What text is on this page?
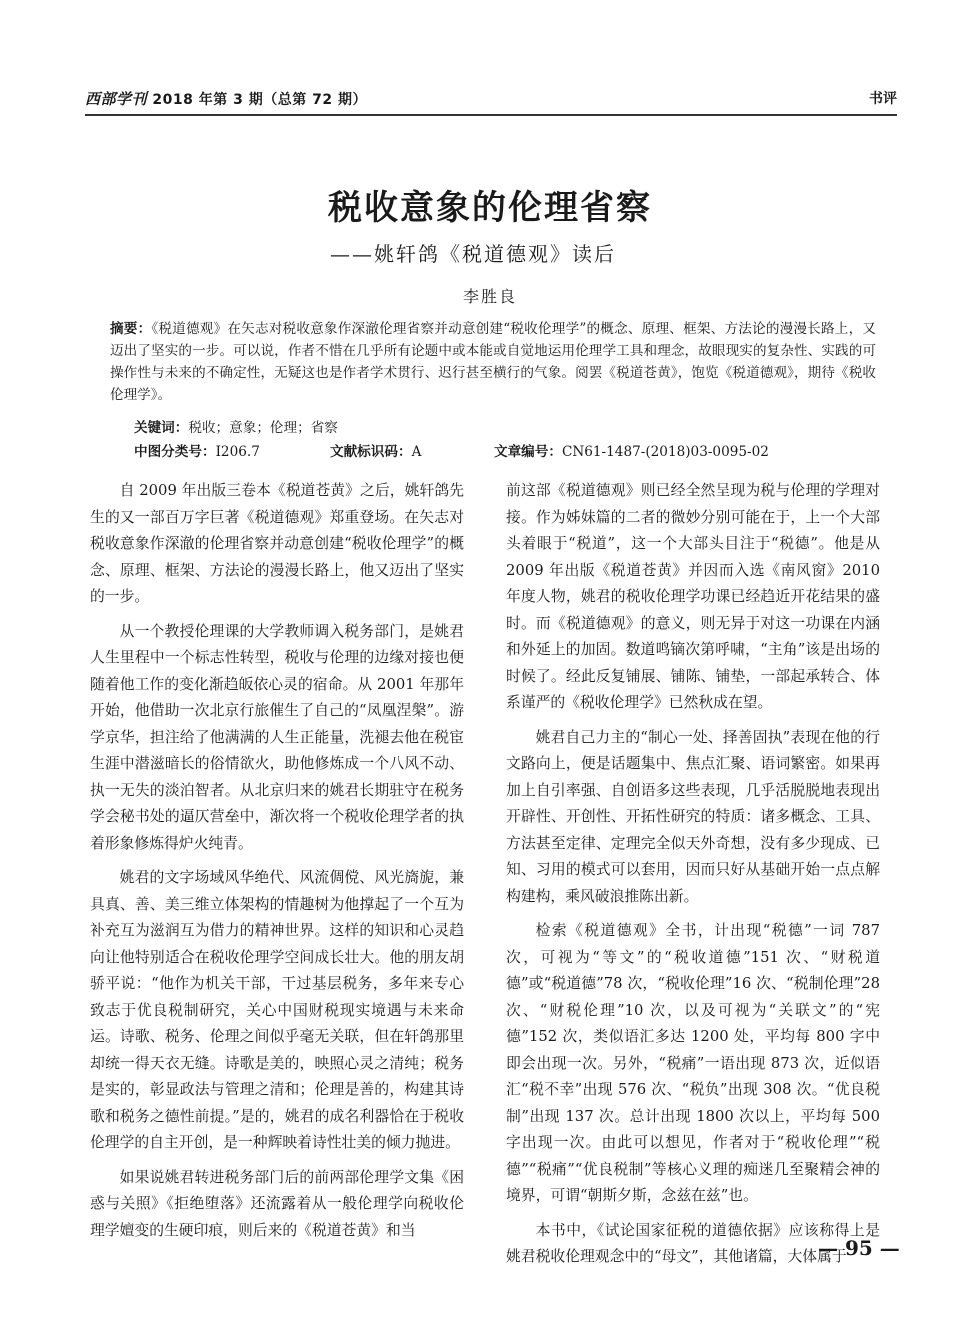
西部学刊 2018 年第 3 期（总第 72 期）	书评
税收意象的伦理省察
——姚轩鸽《税道德观》读后
李胜良
摘要：《税道德观》在矢志对税收意象作深澈伦理省察并动意创建“税收伦理学”的概念、原理、框架、方法论的漫漫长路上，又迈出了坚实的一步。可以说，作者不惜在几乎所有论题中或本能或自觉地运用伦理学工具和理念，故眼现实的复杂性、实践的可操作性与未来的不确定性，无疑这也是作者学术贯行、迟行甚至横行的气象。阅罢《税道苍黄》，饱览《税道德观》，期待《税收伦理学》。
关键词：税收；意象；伦理；省察
中图分类号：I206.7	文献标识码：A	文章编号：CN61-1487-(2018)03-0095-02

自 2009 年出版三卷本《税道苍黄》之后，姚轩鸽先生的又一部百万字巨著《税道德观》郑重登场。在矢志对税收意象作深澈的伦理省察并动意创建“税收伦理学”的概念、原理、框架、方法论的漫漫长路上，他又迈出了坚实的一步。

从一个教授伦理课的大学教师调入税务部门，是姚君人生里程中一个标志性转型，税收与伦理的边缘对接也便随着他工作的变化渐趋皈依心灵的宿命。从 2001 年那年开始，他借助一次北京行旅催生了自己的“凤凰涅槃”。游学京华，担注给了他满满的人生正能量，洗褪去他在税宦生涯中潜滋暗长的俗情欲火，助他修炼成一个八风不动、执一无失的淡泊智者。从北京归来的姚君长期驻守在税务学会秘书处的逼仄营垒中，渐次将一个税收伦理学者的执着形象修炼得炉火纯青。

姚君的文字场域风华绝代、风流倜傥、风光旖旎，兼具真、善、美三维立体架构的情趣树为他撑起了一个互为补充互为滋润互为借力的精神世界。这样的知识和心灵趋向让他特别适合在税收伦理学空间成长壮大。他的朋友胡骄平说：“他作为机关干部，干过基层税务，多年来专心致志于优良税制研究，关心中国财税现实境遇与未来命运。诗歌、税务、伦理之间似乎毫无关联，但在轩鸽那里却统一得天衣无缝。诗歌是美的，映照心灵之清纯；税务是实的，彰显政法与管理之清和；伦理是善的，构建其诗歌和税务之德性前提。”是的，姚君的成名利器恰在于税收伦理学的自主开创，是一种辉映着诗性壮美的倾力抛进。

如果说姚君转进税务部门后的前两部伦理学文集《困惑与关照》《拒绝堕落》还流露着从一般伦理学向税收伦理学嬗变的生硬印痕，则后来的《税道苍黄》和当

前这部《税道德观》则已经全然呈现为税与伦理的学理对接。作为姊妹篇的二者的微妙分别可能在于，上一个大部头着眼于“税道”，这一个大部头目注于“税德”。他是从 2009 年出版《税道苍黄》并因而入选《南风窗》2010 年度人物，姚君的税收伦理学功课已经趋近开花结果的盛时。而《税道德观》的意义，则无异于对这一功课在内涵和外延上的加固。数道鸣镝次第呼啸，“主角”该是出场的时候了。经此反复铺展、铺陈、铺垫，一部起承转合、体系谨严的《税收伦理学》已然秋成在望。

姚君自己力主的“制心一处、择善固执”表现在他的行文路向上，便是话题集中、焦点汇聚、语词繁密。如果再加上自引率强、自创语多这些表现，几乎活脱脱地表现出开辟性、开创性、开拓性研究的特质：诸多概念、工具、方法甚至定律、定理完全似天外奇想，没有多少现成、已知、习用的模式可以套用，因而只好从基础开始一点点解构建构，乘风破浪推陈出新。

检索《税道德观》全书，计出现“税德”一词 787 次，可视为“等文”的“税收道德”151 次、“财税道德”或“税道德”78 次，“税收伦理”16 次、“税制伦理”28 次、“财税伦理”10 次，以及可视为“关联文”的“宪德”152 次，类似语汇多达 1200 处，平均每 800 字中即会出现一次。另外，“税痛”一语出现 873 次，近似语汇“税不幸”出现 576 次、“税负”出现 308 次。“优良税制”出现 137 次。总计出现 1800 次以上，平均每 500 字出现一次。由此可以想见，作者对于“税收伦理”“税德”“税痛”“优良税制”等核心义理的痴迷几至聚精会神的境界，可谓“朝斯夕斯，念兹在兹”也。

本书中，《试论国家征税的道德依据》应该称得上是姚君税收伦理观念中的“母文”，其他诸篇，大体属于

— 95 —
